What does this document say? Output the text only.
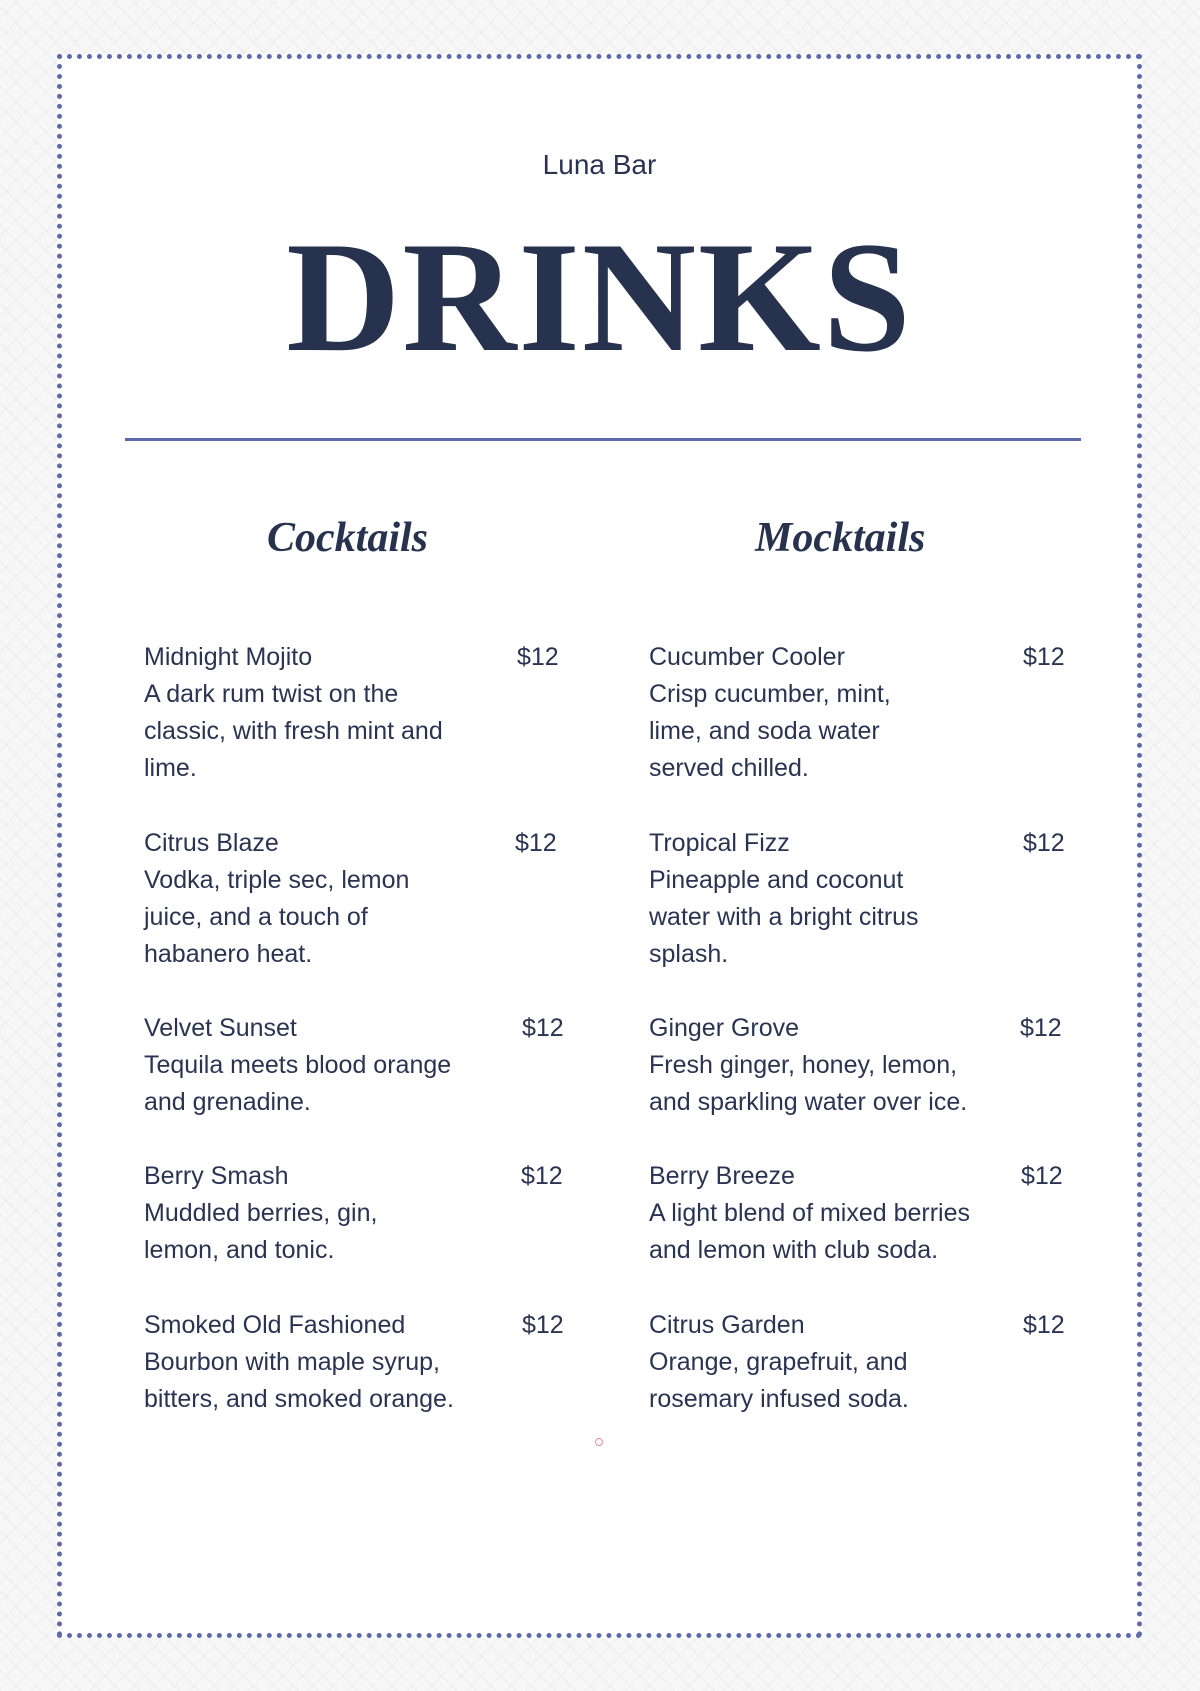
Luna Bar
DRINKS
Cocktails	Mocktails
Midnight Mojito
A dark rum twist on the classic, with fresh mint and lime.
$12
Citrus Blaze
Vodka, triple sec, lemon juice, and a touch of habanero heat.
$12
Velvet Sunset
Tequila meets blood orange and grenadine.
$12
Berry Smash
Muddled berries, gin, lemon, and tonic.
$12
Smoked Old Fashioned
Bourbon with maple syrup, bitters, and smoked orange.
$12
Cucumber Cooler
Crisp cucumber, mint, lime, and soda water served chilled.
$12
Tropical Fizz
Pineapple and coconut water with a bright citrus splash.
$12
Ginger Grove
Fresh ginger, honey, lemon, and sparkling water over ice.
$12
Berry Breeze
A light blend of mixed berries and lemon with club soda.
$12
Citrus Garden
Orange, grapefruit, and rosemary infused soda.
$12
